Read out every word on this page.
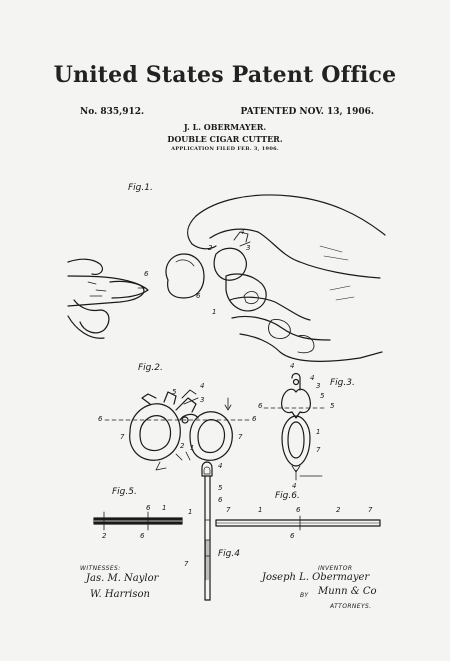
United States Patent Office
No. 835,912.	PATENTED NOV. 13, 1906.
J. L. OBERMAYER.
DOUBLE CIGAR CUTTER.
APPLICATION FILED FEB. 3, 1906.
Fig.1.
Fig.2.
Fig.3.
Fig.5.	Fig.6.
Fig.4
6
4
2	3
6
1
5
4
3
6	6
7	7
2 1
4
4
3
5
6	5
1
7
4
4
5
6
1
7
6 1
2	6
7	1	6	2	7
6
WITNESSES:
Jas. M. Naylor
W. Harrison
INVENTOR
Joseph L. Obermayer
BY Munn & Co
ATTORNEYS.
